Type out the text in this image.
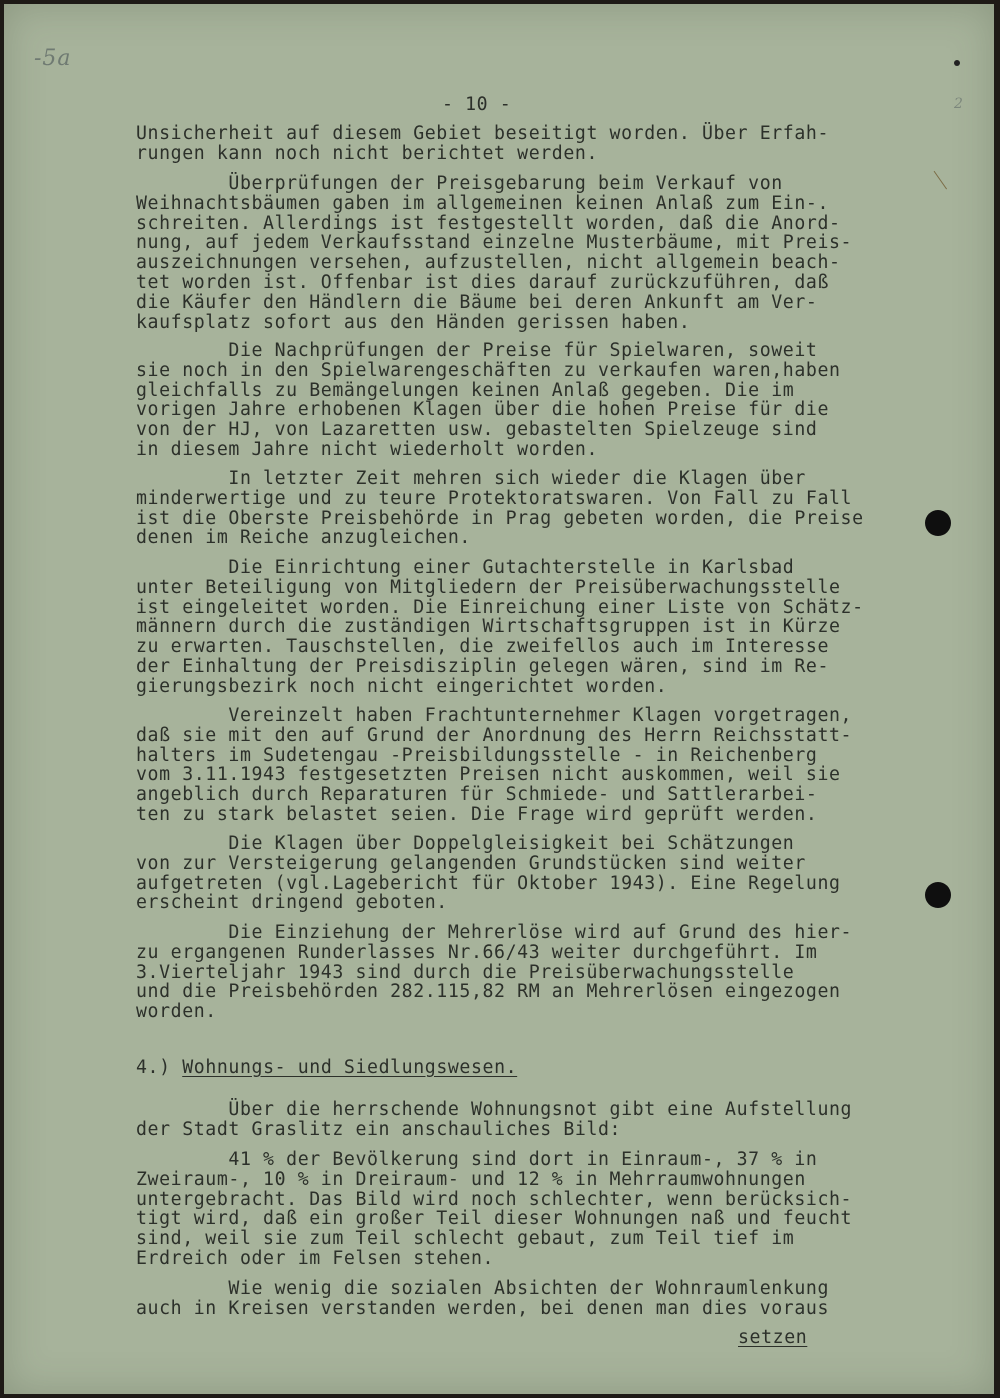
-5a
2
- 10 -
Unsicherheit auf diesem Gebiet beseitigt worden. Über Erfah-
rungen kann noch nicht berichtet werden.
Überprüfungen der Preisgebarung beim Verkauf von
Weihnachtsbäumen gaben im allgemeinen keinen Anlaß zum Ein-.
schreiten. Allerdings ist festgestellt worden, daß die Anord-
nung, auf jedem Verkaufsstand einzelne Musterbäume, mit Preis-
auszeichnungen versehen, aufzustellen, nicht allgemein beach-
tet worden ist. Offenbar ist dies darauf zurückzuführen, daß
die Käufer den Händlern die Bäume bei deren Ankunft am Ver-
kaufsplatz sofort aus den Händen gerissen haben.
Die Nachprüfungen der Preise für Spielwaren, soweit
sie noch in den Spielwarengeschäften zu verkaufen waren,haben
gleichfalls zu Bemängelungen keinen Anlaß gegeben. Die im
vorigen Jahre erhobenen Klagen über die hohen Preise für die
von der HJ, von Lazaretten usw. gebastelten Spielzeuge sind
in diesem Jahre nicht wiederholt worden.
In letzter Zeit mehren sich wieder die Klagen über
minderwertige und zu teure Protektoratswaren. Von Fall zu Fall
ist die Oberste Preisbehörde in Prag gebeten worden, die Preise
denen im Reiche anzugleichen.
Die Einrichtung einer Gutachterstelle in Karlsbad
unter Beteiligung von Mitgliedern der Preisüberwachungsstelle
ist eingeleitet worden. Die Einreichung einer Liste von Schätz-
männern durch die zuständigen Wirtschaftsgruppen ist in Kürze
zu erwarten. Tauschstellen, die zweifellos auch im Interesse
der Einhaltung der Preisdisziplin gelegen wären, sind im Re-
gierungsbezirk noch nicht eingerichtet worden.
Vereinzelt haben Frachtunternehmer Klagen vorgetragen,
daß sie mit den auf Grund der Anordnung des Herrn Reichsstatt-
halters im Sudetengau -Preisbildungsstelle - in Reichenberg
vom 3.11.1943 festgesetzten Preisen nicht auskommen, weil sie
angeblich durch Reparaturen für Schmiede- und Sattlerarbei-
ten zu stark belastet seien. Die Frage wird geprüft werden.
Die Klagen über Doppelgleisigkeit bei Schätzungen
von zur Versteigerung gelangenden Grundstücken sind weiter
aufgetreten (vgl.Lagebericht für Oktober 1943). Eine Regelung
erscheint dringend geboten.
Die Einziehung der Mehrerlöse wird auf Grund des hier-
zu ergangenen Runderlasses Nr.66/43 weiter durchgeführt. Im
3.Vierteljahr 1943 sind durch die Preisüberwachungsstelle
und die Preisbehörden 282.115,82 RM an Mehrerlösen eingezogen
worden.
Über die herrschende Wohnungsnot gibt eine Aufstellung
der Stadt Graslitz ein anschauliches Bild:
41 % der Bevölkerung sind dort in Einraum-, 37 % in
Zweiraum-, 10 % in Dreiraum- und 12 % in Mehrraumwohnungen
untergebracht. Das Bild wird noch schlechter, wenn berücksich-
tigt wird, daß ein großer Teil dieser Wohnungen naß und feucht
sind, weil sie zum Teil schlecht gebaut, zum Teil tief im
Erdreich oder im Felsen stehen.
Wie wenig die sozialen Absichten der Wohnraumlenkung
auch in Kreisen verstanden werden, bei denen man dies voraus
4.) Wohnungs- und Siedlungswesen.
setzen
